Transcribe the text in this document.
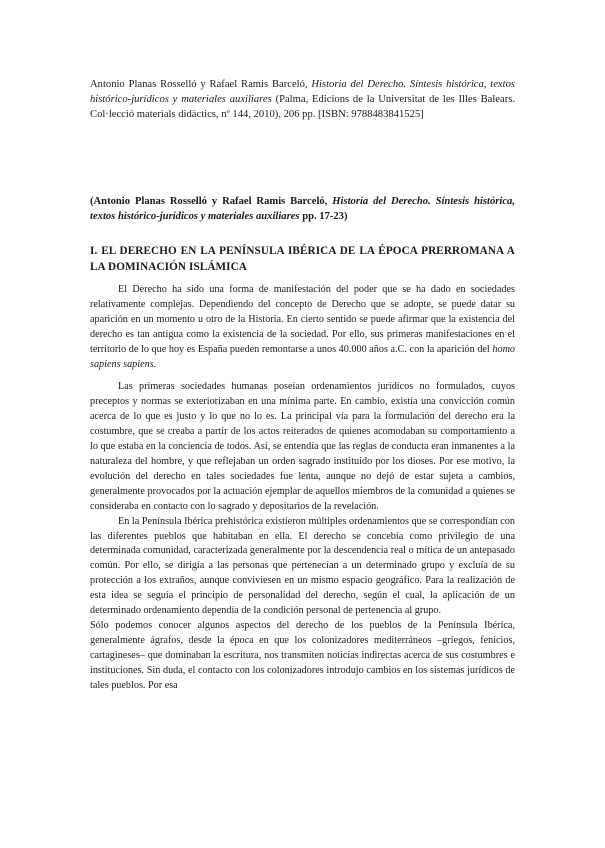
Antonio Planas Rosselló y Rafael Ramis Barceló, Historia del Derecho. Síntesis histórica, textos histórico-jurídicos y materiales auxiliares (Palma, Edicions de la Universitat de les Illes Balears. Col·lecció materials didàctics, nº 144, 2010), 206 pp. [ISBN: 9788483841525]
(Antonio Planas Rosselló y Rafael Ramis Barceló, Historia del Derecho. Síntesis histórica, textos histórico-jurídicos y materiales auxiliares pp. 17-23)
I. EL DERECHO EN LA PENÍNSULA IBÉRICA DE LA ÉPOCA PRERROMANA A LA DOMINACIÓN ISLÁMICA

El Derecho ha sido una forma de manifestación del poder que se ha dado en sociedades relativamente complejas. Dependiendo del concepto de Derecho que se adopte, se puede datar su aparición en un momento u otro de la Historia. En cierto sentido se puede afirmar que la existencia del derecho es tan antigua como la existencia de la sociedad. Por ello, sus primeras manifestaciones en el territorio de lo que hoy es España pueden remontarse a unos 40.000 años a.C. con la aparición del homo sapiens sapiens.

Las primeras sociedades humanas poseían ordenamientos jurídicos no formulados, cuyos preceptos y normas se exteriorizaban en una mínima parte. En cambio, existía una convicción común acerca de lo que es justo y lo que no lo es. La principal vía para la formulación del derecho era la costumbre, que se creaba a partir de los actos reiterados de quienes acomodaban su comportamiento a lo que estaba en la conciencia de todos. Así, se entendía que las reglas de conducta eran inmanentes a la naturaleza del hombre, y que reflejaban un orden sagrado instituido por los dioses. Por ese motivo, la evolución del derecho en tales sociedades fue lenta, aunque no dejó de estar sujeta a cambios, generalmente provocados por la actuación ejemplar de aquellos miembros de la comunidad a quienes se consideraba en contacto con lo sagrado y depositarios de la revelación.

En la Península Ibérica prehistórica existieron múltiples ordenamientos que se correspondían con las diferentes pueblos que habitaban en ella. El derecho se concebía como privilegio de una determinada comunidad, caracterizada generalmente por la descendencia real o mítica de un antepasado común. Por ello, se dirigía a las personas que pertenecían a un determinado grupo y excluía de su protección a los extraños, aunque conviviesen en un mismo espacio geográfico. Para la realización de esta idea se seguía el principio de personalidad del derecho, según el cual, la aplicación de un determinado ordenamiento dependía de la condición personal de pertenencia al grupo.

Sólo podemos conocer algunos aspectos del derecho de los pueblos de la Península Ibérica, generalmente ágrafos, desde la época en que los colonizadores mediterráneos –griegos, fenicios, cartagineses– que dominaban la escritura, nos transmiten noticias indirectas acerca de sus costumbres e instituciones. Sin duda, el contacto con los colonizadores introdujo cambios en los sistemas jurídicos de tales pueblos. Por esa
